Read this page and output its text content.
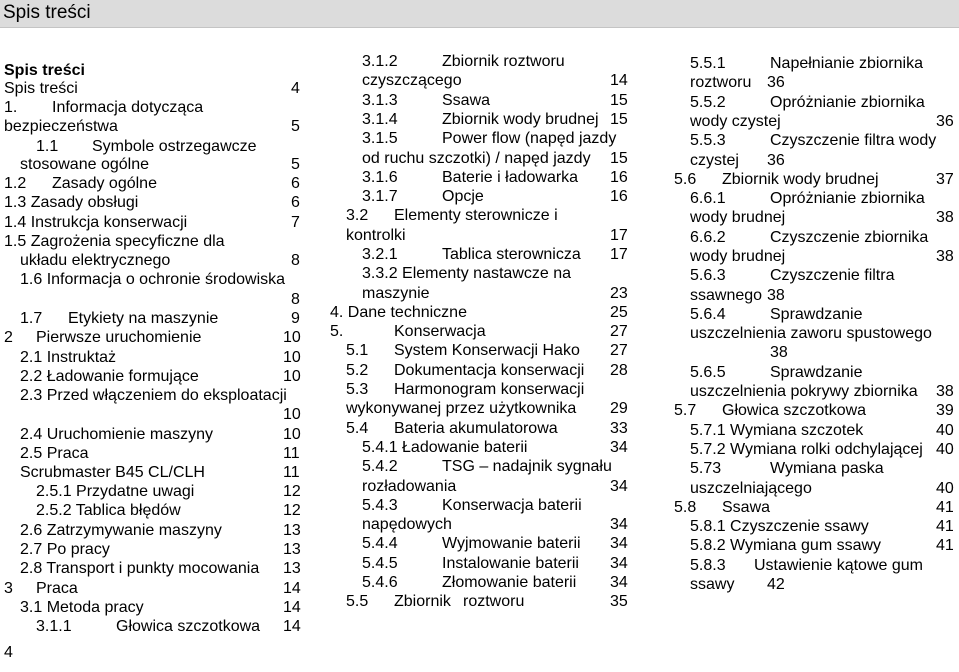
Spis treści
Spis treści
Spis treści	4
1. Informacja dotycząca
bezpieczeństwa	5
1.1 Symbole ostrzegawcze
stosowane ogólne	5
1.2 Zasady ogólne	6
1.3 Zasady obsługi	6
1.4 Instrukcja konserwacji	7
1.5 Zagrożenia specyficzne dla
układu elektrycznego	8
1.6 Informacja o ochronie środowiska
8
1.7 Etykiety na maszynie	9
2 Pierwsze uruchomienie	10
2.1 Instruktaż	10
2.2 Ładowanie formujące	10
2.3 Przed włączeniem do eksploatacji
10
2.4 Uruchomienie maszyny	10
2.5 Praca	11
Scrubmaster B45 CL/CLH	11
2.5.1 Przydatne uwagi	12
2.5.2 Tablica błędów	12
2.6 Zatrzymywanie maszyny	13
2.7 Po pracy	13
2.8 Transport i punkty mocowania 13
3 Praca	14
3.1 Metoda pracy	14
3.1.1	Głowica szczotkowa 14
4
3.1.2	Zbiornik roztworu
czyszczącego	14
3.1.3	Ssawa	15
3.1.4	Zbiornik wody brudnej 15
3.1.5	Power flow (napęd jazdy
od ruchu szczotki) / napęd jazdy 15
3.1.6	Baterie i ładowarka 16
3.1.7	Opcje	16
3.2 Elementy sterownicze i
kontrolki	17
3.2.1	Tablica sterownicza 17
3.3.2 Elementy nastawcze na
maszynie	23
4. Dane techniczne	25
5.	Konserwacja	27
5.1 System Konserwacji Hako 27
5.2 Dokumentacja konserwacji 28
5.3 Harmonogram konserwacji
wykonywanej przez użytkownika 29
5.4 Bateria akumulatorowa	33
5.4.1 Ładowanie baterii	34
5.4.2	TSG – nadajnik sygnału
rozładowania	34
5.4.3	Konserwacja baterii
napędowych	34
5.4.4	Wyjmowanie baterii 34
5.4.5	Instalowanie baterii 34
5.4.6	Złomowanie baterii 34
5.5 Zbiornik roztworu	35
5.5.1	Napełnianie zbiornika
roztworu 36
5.5.2	Opróżnianie zbiornika
wody czystej	36
5.5.3	Czyszczenie filtra wody
czystej 36
5.6 Zbiornik wody brudnej	37
6.6.1	Opróżnianie zbiornika
wody brudnej	38
6.6.2	Czyszczenie zbiornika
wody brudnej	38
5.6.3	Czyszczenie filtra
ssawnego 38
5.6.4	Sprawdzanie
uszczelnienia zaworu spustowego
38
5.6.5	Sprawdzanie
uszczelnienia pokrywy zbiornika 38
5.7 Głowica szczotkowa	39
5.7.1 Wymiana szczotek	40
5.7.2 Wymiana rolki odchylającej 40
5.73	Wymiana paska
uszczelniającego	40
5.8 Ssawa	41
5.8.1 Czyszczenie ssawy	41
5.8.2 Wymiana gum ssawy	41
5.8.3 Ustawienie kątowe gum
ssawy 42
